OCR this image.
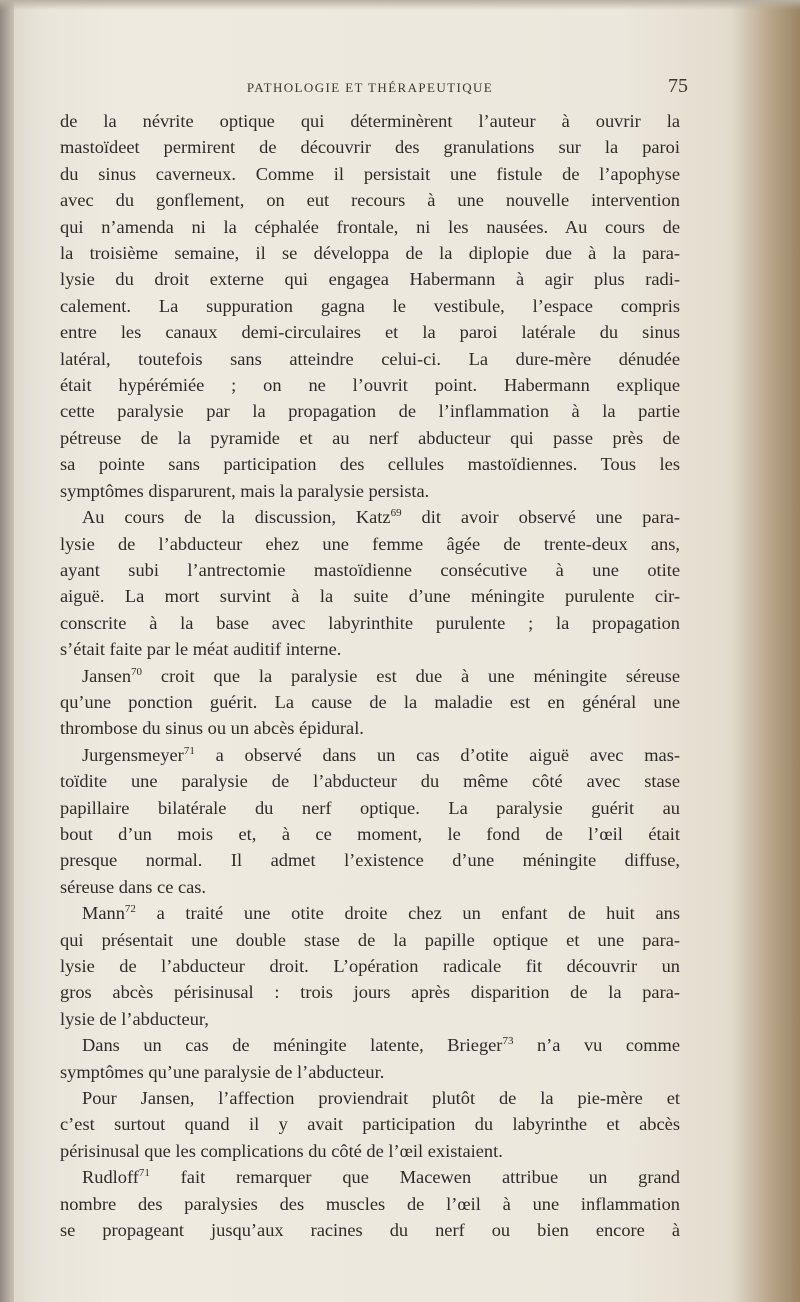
PATHOLOGIE ET THÉRAPEUTIQUE	75
de la névrite optique qui déterminèrent l’auteur à ouvrir la
mastoïdeet permirent de découvrir des granulations sur la paroi
du sinus caverneux. Comme il persistait une fistule de l’apophyse
avec du gonflement, on eut recours à une nouvelle intervention
qui n’amenda ni la céphalée frontale, ni les nausées. Au cours de
la troisième semaine, il se développa de la diplopie due à la para-
lysie du droit externe qui engagea Habermann à agir plus radi-
calement. La suppuration gagna le vestibule, l’espace compris
entre les canaux demi-circulaires et la paroi latérale du sinus
latéral, toutefois sans atteindre celui-ci. La dure-mère dénudée
était hypérémiée ; on ne l’ouvrit point. Habermann explique
cette paralysie par la propagation de l’inflammation à la partie
pétreuse de la pyramide et au nerf abducteur qui passe près de
sa pointe sans participation des cellules mastoïdiennes. Tous les
symptômes disparurent, mais la paralysie persista.
Au cours de la discussion, Katz$^{69}$ dit avoir observé une para-
lysie de l’abducteur ehez une femme âgée de trente-deux ans,
ayant subi l’antrectomie mastoïdienne consécutive à une otite
aiguë. La mort survint à la suite d’une méningite purulente cir-
conscrite à la base avec labyrinthite purulente ; la propagation
s’était faite par le méat auditif interne.
Jansen$^{70}$ croit que la paralysie est due à une méningite séreuse
qu’une ponction guérit. La cause de la maladie est en général une
thrombose du sinus ou un abcès épidural.
Jurgensmeyer$^{71}$ a observé dans un cas d’otite aiguë avec mas-
toïdite une paralysie de l’abducteur du même côté avec stase
papillaire bilatérale du nerf optique. La paralysie guérit au
bout d’un mois et, à ce moment, le fond de l’œil était
presque normal. Il admet l’existence d’une méningite diffuse,
séreuse dans ce cas.
Mann$^{72}$ a traité une otite droite chez un enfant de huit ans
qui présentait une double stase de la papille optique et une para-
lysie de l’abducteur droit. L’opération radicale fit découvrir un
gros abcès périsinusal : trois jours après disparition de la para-
lysie de l’abducteur,
Dans un cas de méningite latente, Brieger$^{73}$ n’a vu comme
symptômes qu’une paralysie de l’abducteur.
Pour Jansen, l’affection proviendrait plutôt de la pie-mère et
c’est surtout quand il y avait participation du labyrinthe et abcès
périsinusal que les complications du côté de l’œil existaient.
Rudloff$^{71}$ fait remarquer que Macewen attribue un grand
nombre des paralysies des muscles de l’œil à une inflammation
se propageant jusqu’aux racines du nerf ou bien encore à
